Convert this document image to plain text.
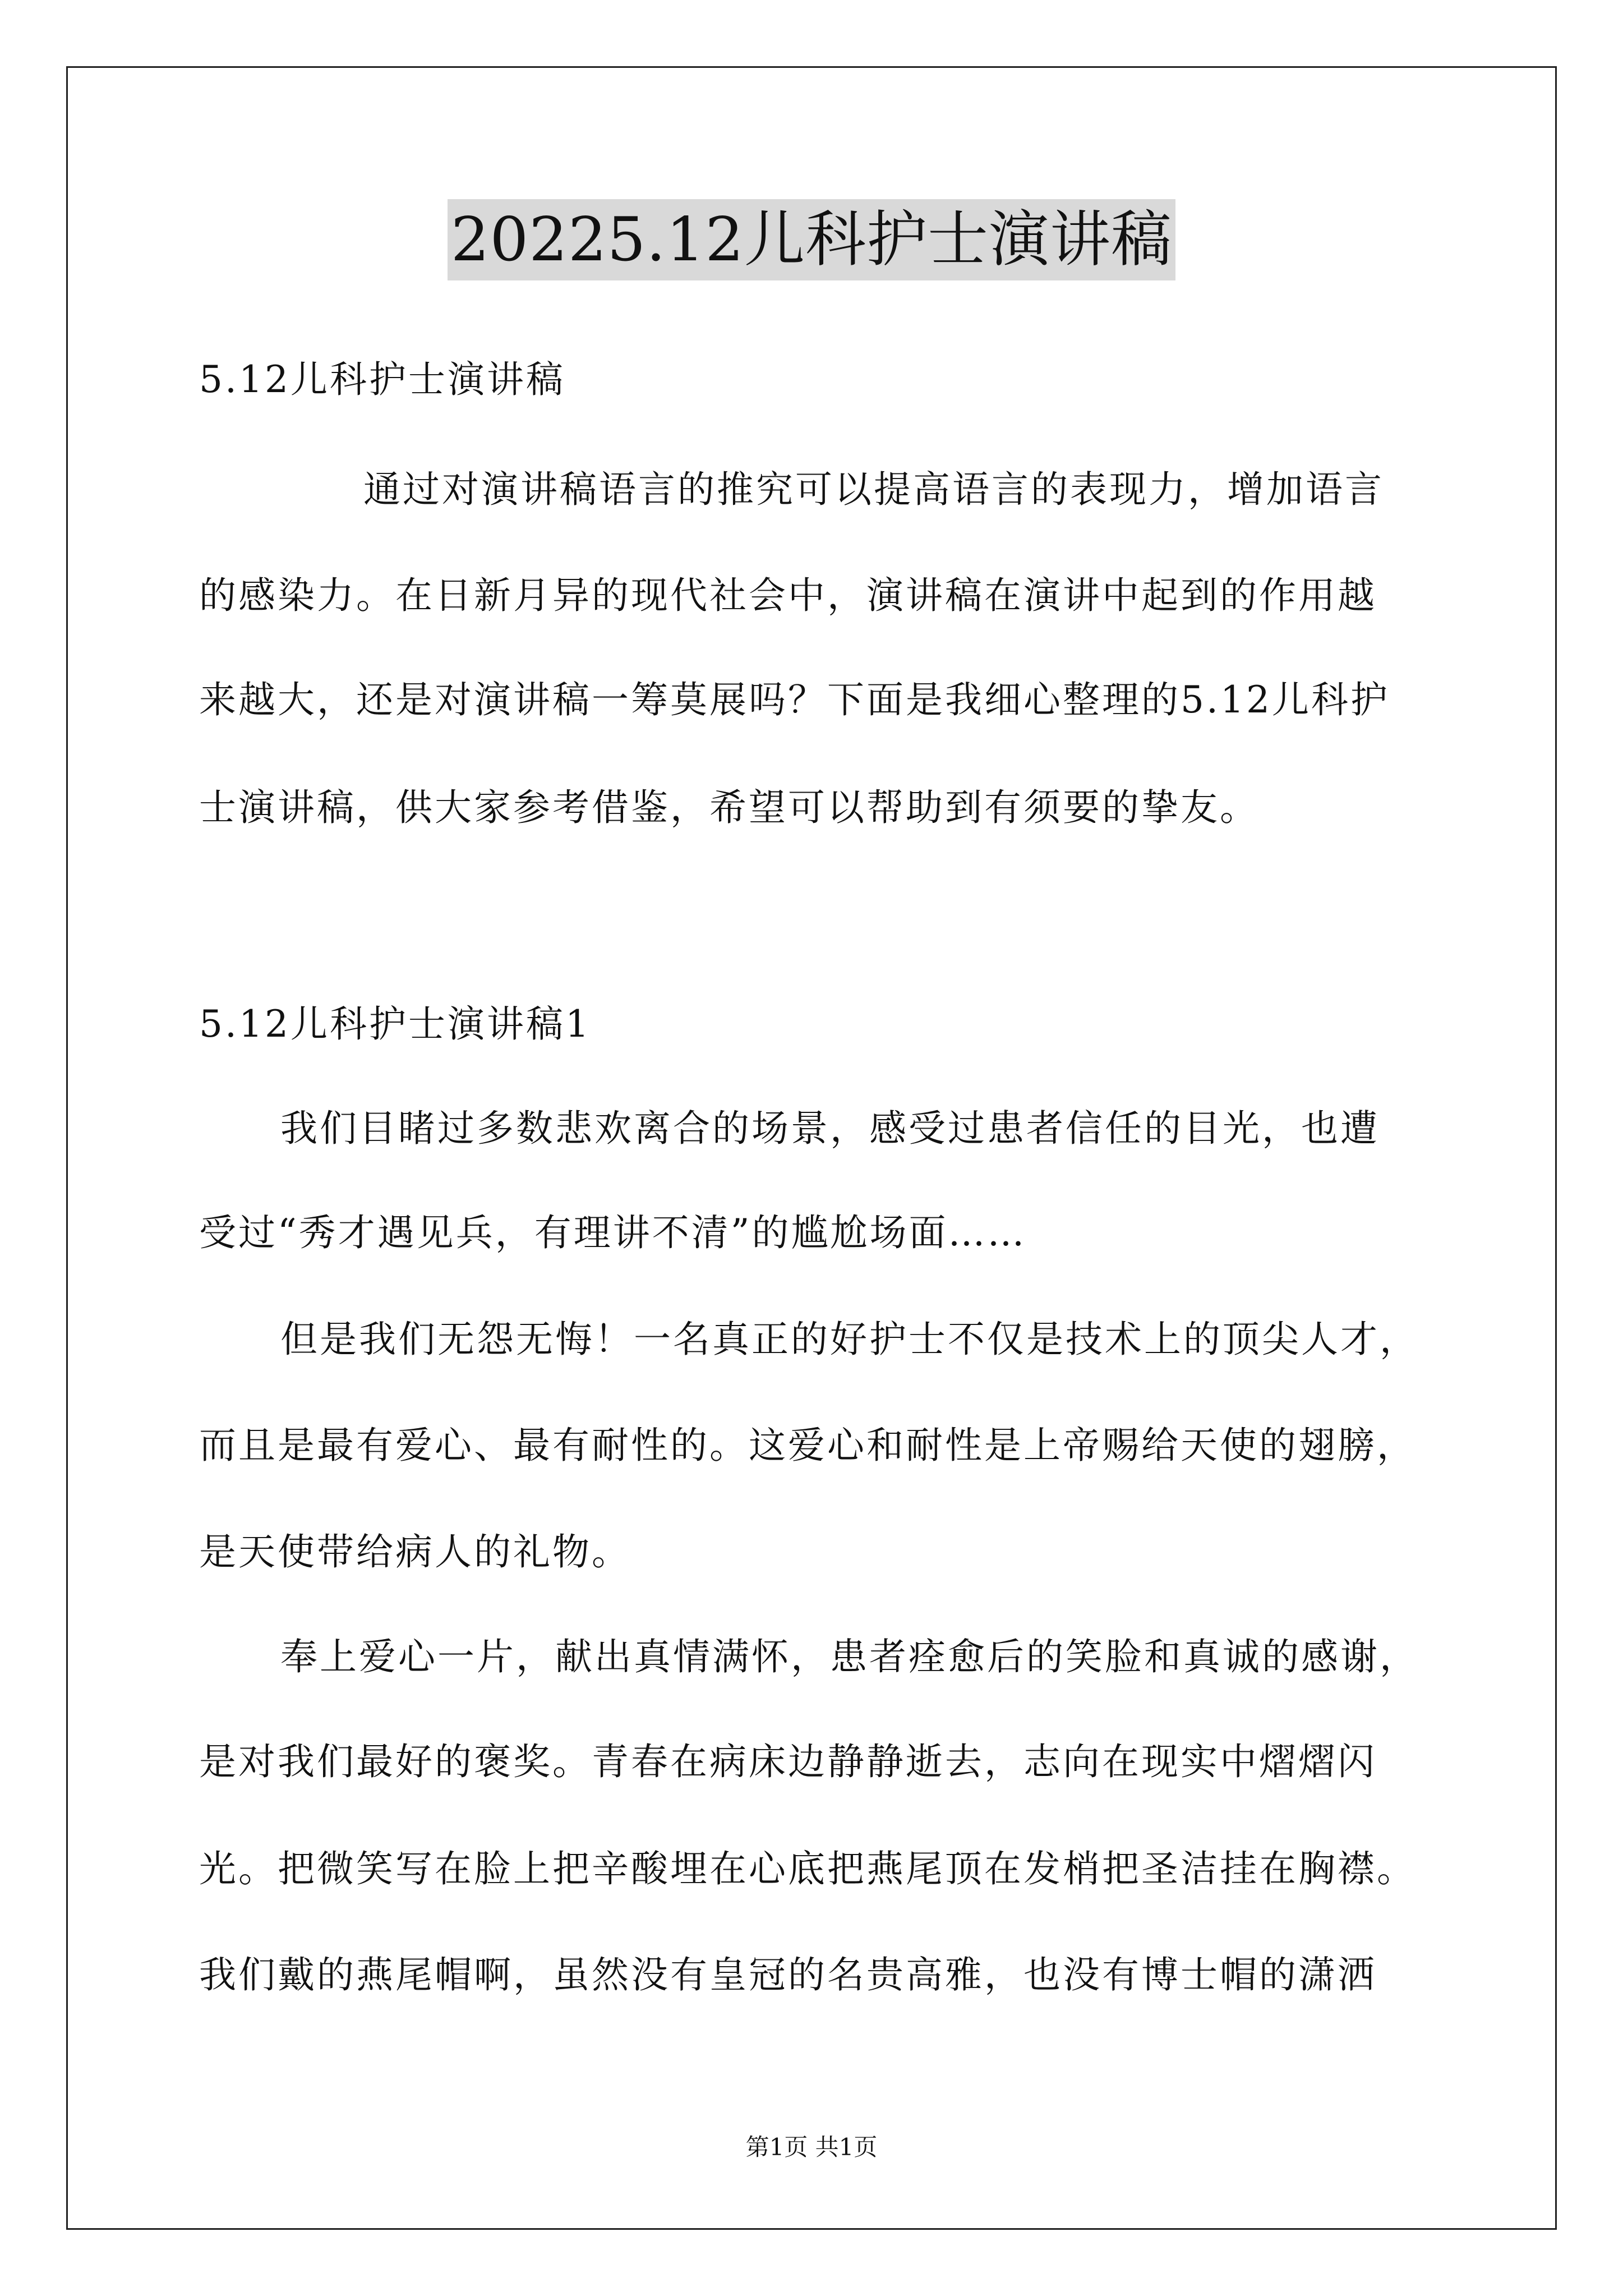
20225.12儿科护士演讲稿
5.12儿科护士演讲稿
通过对演讲稿语言的推究可以提高语言的表现力，增加语言
的感染力。在日新月异的现代社会中，演讲稿在演讲中起到的作用越
来越大，还是对演讲稿一筹莫展吗？下面是我细心整理的5.12儿科护
士演讲稿，供大家参考借鉴，希望可以帮助到有须要的挚友。
5.12儿科护士演讲稿1
我们目睹过多数悲欢离合的场景，感受过患者信任的目光，也遭
受过“秀才遇见兵，有理讲不清”的尴尬场面……
但是我们无怨无悔！一名真正的好护士不仅是技术上的顶尖人才，
而且是最有爱心、最有耐性的。这爱心和耐性是上帝赐给天使的翅膀，
是天使带给病人的礼物。
奉上爱心一片，献出真情满怀，患者痊愈后的笑脸和真诚的感谢，
是对我们最好的褒奖。青春在病床边静静逝去，志向在现实中熠熠闪
光。把微笑写在脸上把辛酸埋在心底把燕尾顶在发梢把圣洁挂在胸襟。
我们戴的燕尾帽啊，虽然没有皇冠的名贵高雅，也没有博士帽的潇洒
第1页 共1页
